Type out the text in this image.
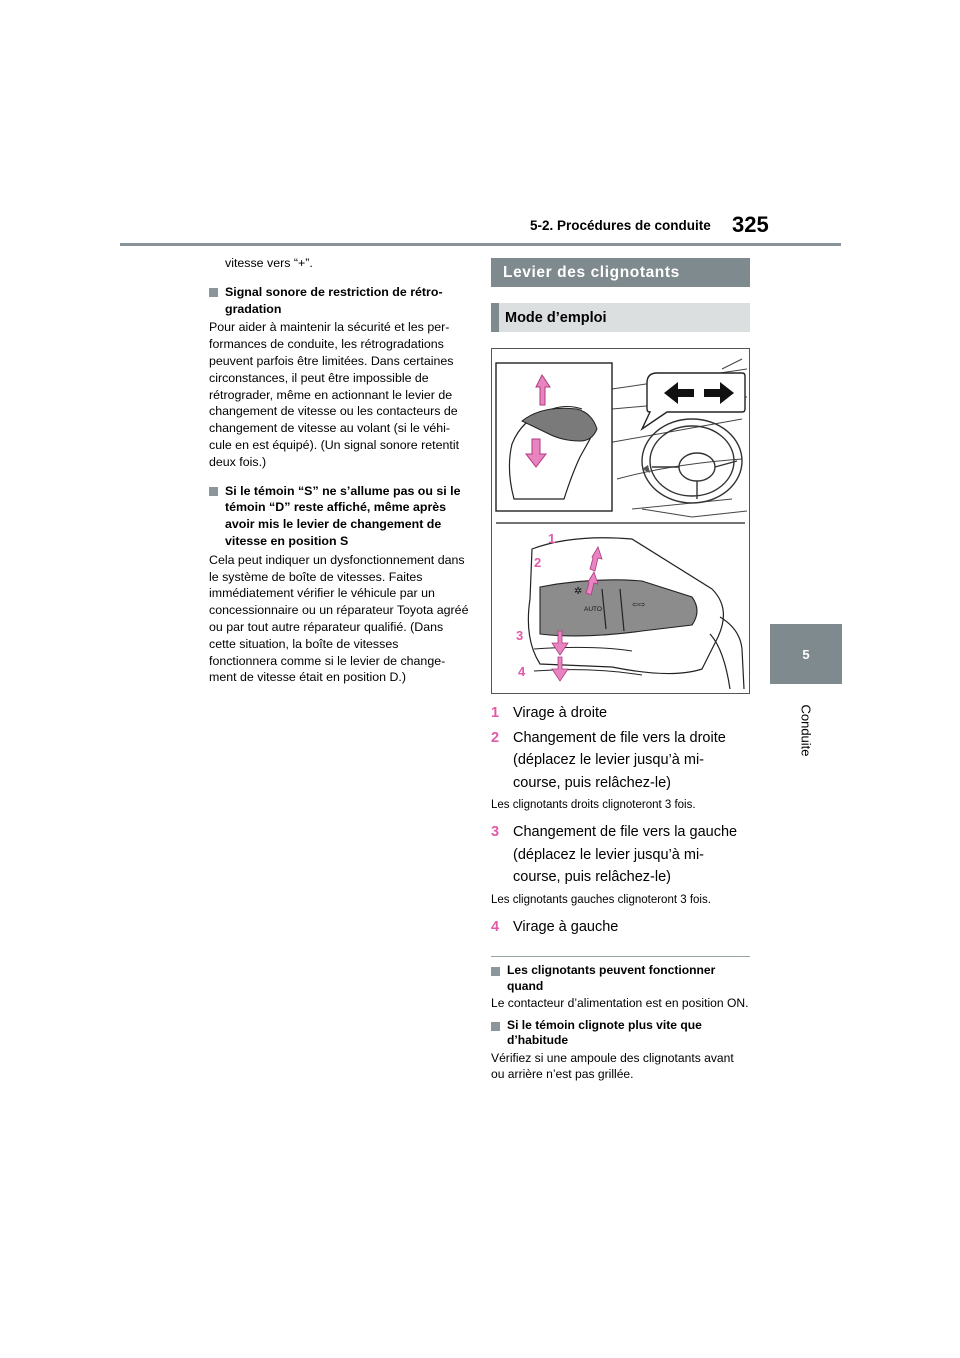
5-2. Procédures de conduite 325
5
Conduite

vitesse vers “+”.

Signal sonore de restriction de rétro-gradation

Pour aider à maintenir la sécurité et les per-formances de conduite, les rétrogradations peuvent parfois être limitées. Dans certaines circonstances, il peut être impossible de rétrograder, même en actionnant le levier de changement de vitesse ou les contacteurs de changement de vitesse au volant (si le véhi-cule en est équipé). (Un signal sonore retentit deux fois.)

Si le témoin “S” ne s’allume pas ou si le témoin “D” reste affiché, même après avoir mis le levier de changement de vitesse en position S

Cela peut indiquer un dysfonctionnement dans le système de boîte de vitesses. Faites immédiatement vérifier le véhicule par un concessionnaire ou un réparateur Toyota agréé ou par tout autre réparateur qualifié. (Dans cette situation, la boîte de vitesses fonctionnera comme si le levier de change-ment de vitesse était en position D.)

Levier des clignotants
Mode d’emploi
AUTO
✲
⇦⇨
1
2
3
4
1 Virage à droite
2 Changement de file vers la droite (déplacez le levier jusqu’à mi-course, puis relâchez-le)

Les clignotants droits clignoteront 3 fois.

3 Changement de file vers la gauche (déplacez le levier jusqu’à mi-course, puis relâchez-le)

Les clignotants gauches clignoteront 3 fois.

4 Virage à gauche
Les clignotants peuvent fonctionner quand

Le contacteur d’alimentation est en position ON.

Si le témoin clignote plus vite que d’habitude

Vérifiez si une ampoule des clignotants avant ou arrière n’est pas grillée.
